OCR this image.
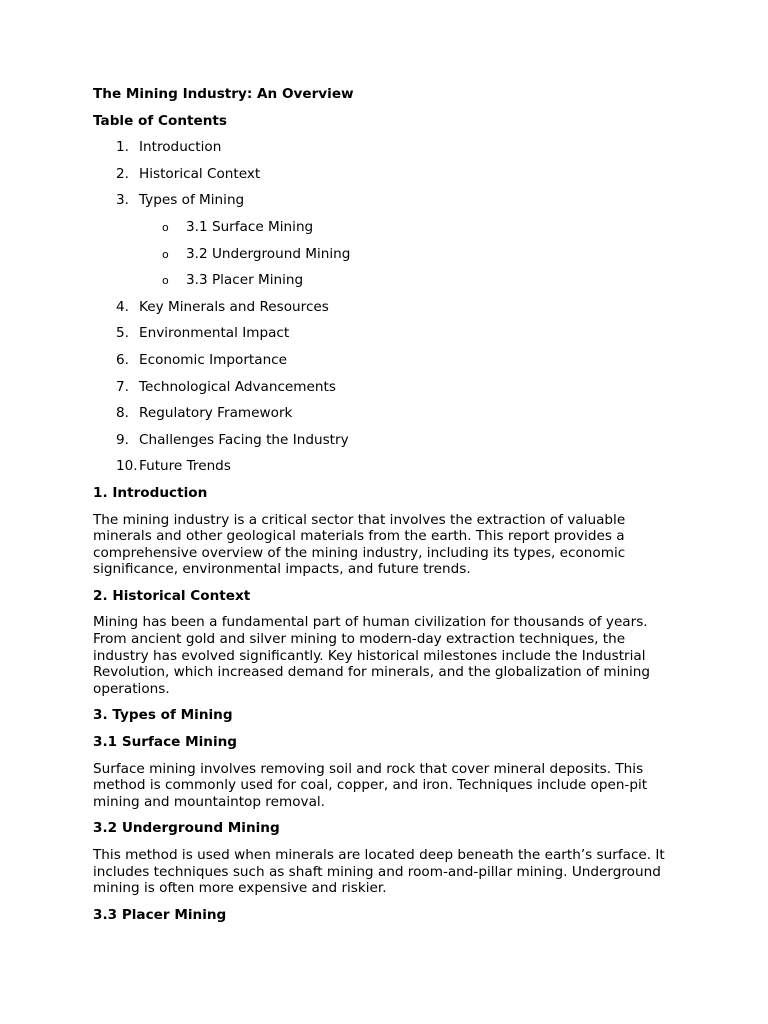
The Mining Industry: An Overview

Table of Contents

1. Introduction
2. Historical Context
3. Types of Mining
o 3.1 Surface Mining
o 3.2 Underground Mining
o 3.3 Placer Mining
4. Key Minerals and Resources
5. Environmental Impact
6. Economic Importance
7. Technological Advancements
8. Regulatory Framework
9. Challenges Facing the Industry
10. Future Trends

1. Introduction

The mining industry is a critical sector that involves the extraction of valuable minerals and other geological materials from the earth. This report provides a comprehensive overview of the mining industry, including its types, economic significance, environmental impacts, and future trends.

2. Historical Context

Mining has been a fundamental part of human civilization for thousands of years. From ancient gold and silver mining to modern-day extraction techniques, the industry has evolved significantly. Key historical milestones include the Industrial Revolution, which increased demand for minerals, and the globalization of mining operations.

3. Types of Mining

3.1 Surface Mining

Surface mining involves removing soil and rock that cover mineral deposits. This method is commonly used for coal, copper, and iron. Techniques include open-pit mining and mountaintop removal.

3.2 Underground Mining

This method is used when minerals are located deep beneath the earth’s surface. It includes techniques such as shaft mining and room-and-pillar mining. Underground mining is often more expensive and riskier.

3.3 Placer Mining
